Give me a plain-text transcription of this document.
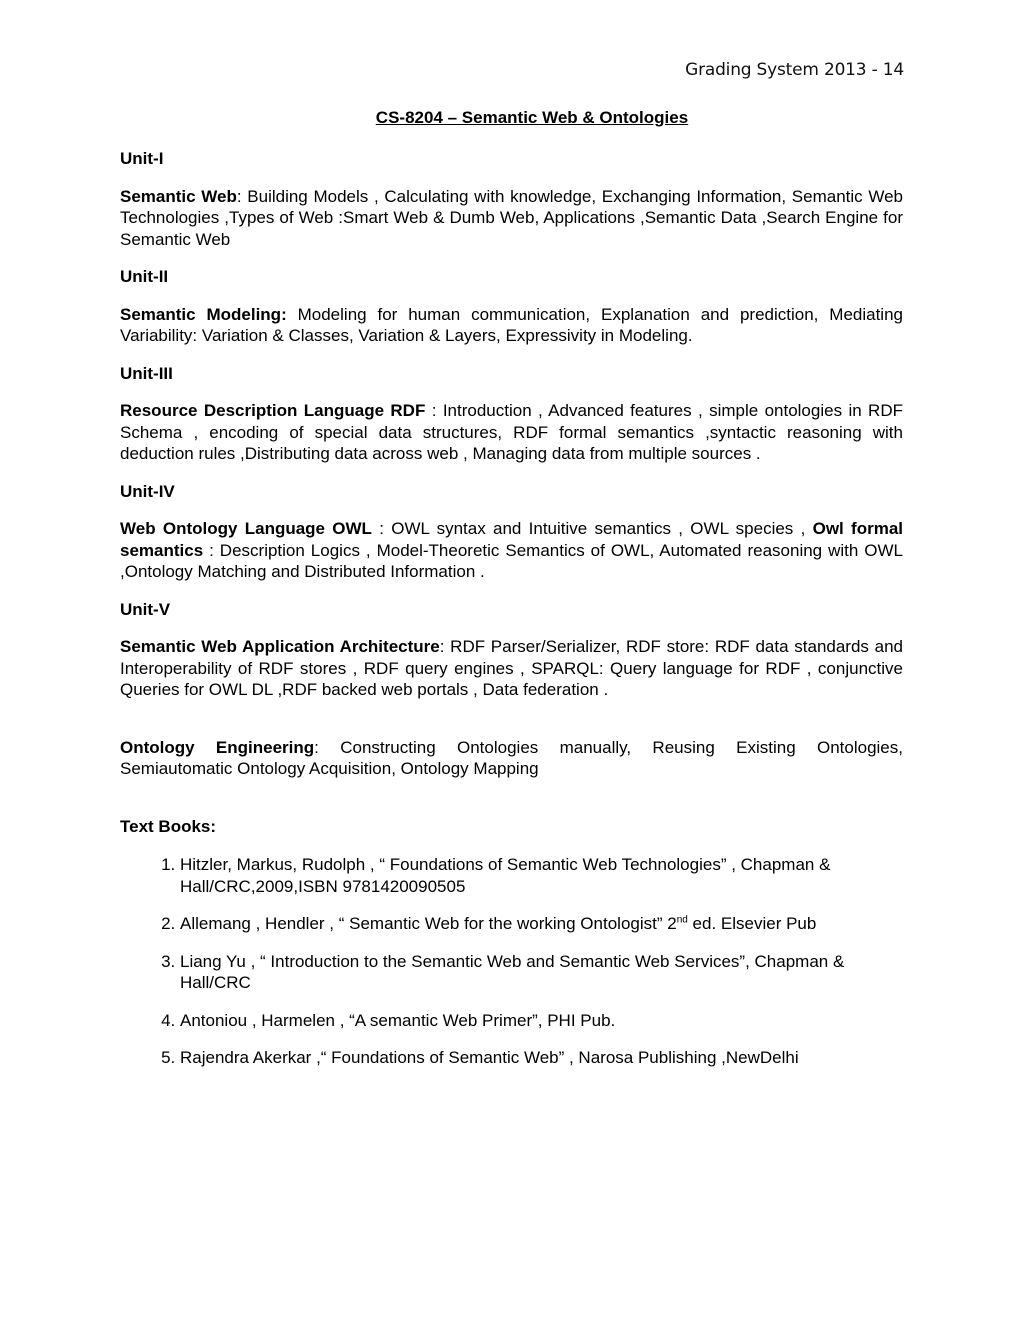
Grading System 2013 - 14
CS-8204 – Semantic Web & Ontologies

Unit-I

Semantic Web: Building Models , Calculating with knowledge, Exchanging Information, Semantic Web Technologies ,Types of Web :Smart Web & Dumb Web, Applications ,Semantic Data ,Search Engine for Semantic Web

Unit-II

Semantic Modeling: Modeling for human communication, Explanation and prediction, Mediating Variability: Variation & Classes, Variation & Layers, Expressivity in Modeling.

Unit-III

Resource Description Language RDF : Introduction , Advanced features , simple ontologies in RDF Schema , encoding of special data structures, RDF formal semantics ,syntactic reasoning with deduction rules ,Distributing data across web , Managing data from multiple sources .

Unit-IV

Web Ontology Language OWL : OWL syntax and Intuitive semantics , OWL species , Owl formal semantics : Description Logics , Model-Theoretic Semantics of OWL, Automated reasoning with OWL ,Ontology Matching and Distributed Information .

Unit-V

Semantic Web Application Architecture: RDF Parser/Serializer, RDF store: RDF data standards and Interoperability of RDF stores , RDF query engines , SPARQL: Query language for RDF , conjunctive Queries for OWL DL ,RDF backed web portals , Data federation .

Ontology Engineering: Constructing Ontologies manually, Reusing Existing Ontologies, Semiautomatic Ontology Acquisition, Ontology Mapping

Text Books:

1. Hitzler, Markus, Rudolph , “ Foundations of Semantic Web Technologies” , Chapman & Hall/CRC,2009,ISBN 9781420090505
2. Allemang , Hendler , “ Semantic Web for the working Ontologist” 2nd ed. Elsevier Pub
3. Liang Yu , “ Introduction to the Semantic Web and Semantic Web Services”, Chapman & Hall/CRC
4. Antoniou , Harmelen , “A semantic Web Primer”, PHI Pub.
5. Rajendra Akerkar ,“ Foundations of Semantic Web” , Narosa Publishing ,NewDelhi
